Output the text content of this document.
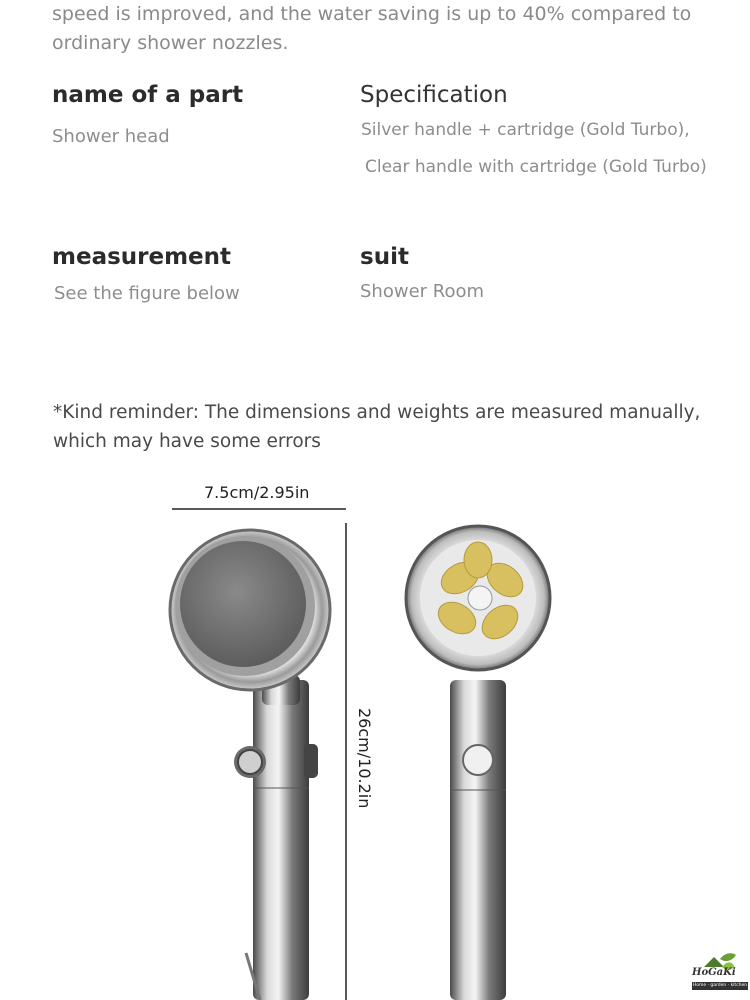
speed is improved, and the water saving is up to 40% compared to ordinary shower nozzles.
name of a part
Shower head
Specification
Silver handle + cartridge (Gold Turbo),
Clear handle with cartridge (Gold Turbo)
measurement
See the figure below
suit
Shower Room
*Kind reminder: The dimensions and weights are measured manually, which may have some errors
7.5cm/2.95in
26cm/10.2in
HoGaKi
Home · garden · kitchen
